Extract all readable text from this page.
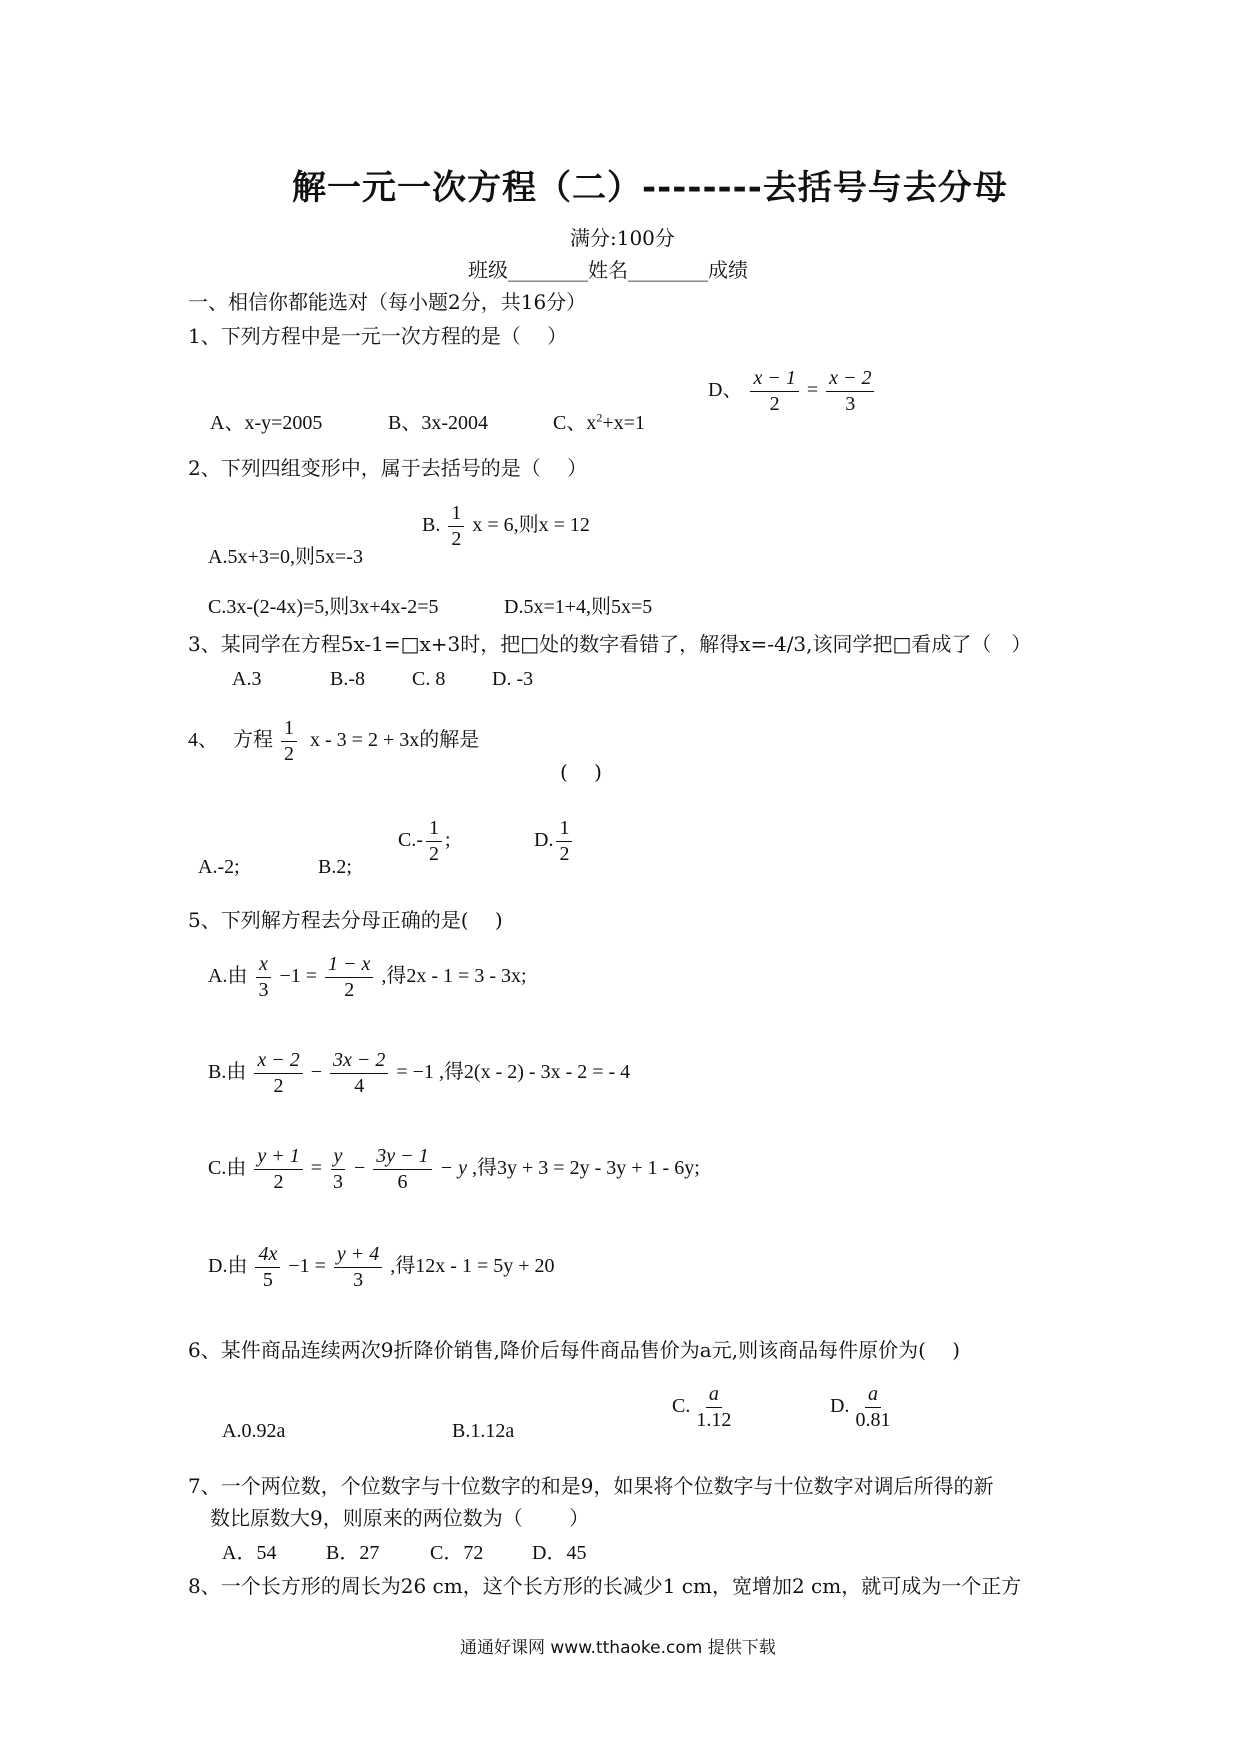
解一元一次方程（二）--------去括号与去分母
满分:100分
班级________姓名________成绩
一、相信你都能选对（每小题2分，共16分）
1、下列方程中是一元一次方程的是（　 ）
A、x-y=2005	B、3x-2004	C、$x^2+x=1$
D、 $\frac{x - 1}{2} = \frac{x - 2}{3}$
2、下列四组变形中，属于去括号的是（　 ）
A.5x+3=0,则5x=-3
B. $\frac{1}{2}$ x = 6,则x = 12
C.3x-(2-4x)=5,则3x+4x-2=5	D.5x=1+4,则5x=5
3、某同学在方程5x-1=□x+3时，把□处的数字看错了，解得x=-4/3,该同学把□看成了（　）
A.3	B.-8 C. 8 D. -3
4、 方程 $\frac{1}{2}$ x - 3 = 2 + 3x的解是
(　 )
A.-2;	B.2;
$C.- \frac{1}{2}$ ;	D. $\frac{1}{2}$
5、下列解方程去分母正确的是(　 )
A.由 $\frac{x}{3} -1 = \frac{1 - x}{2}$ ,得2x - 1 = 3 - 3x;
B.由 $\frac{x - 2}{2} - \frac{3x - 2}{4} = -1$ ,得2(x - 2) - 3x - 2 = - 4
C.由 $\frac{y + 1}{2} = \frac{y}{3} - \frac{3y - 1}{6} - y$ ,得3y + 3 = 2y - 3y + 1 - 6y;
D.由 $\frac{4x}{5} -1 = \frac{y + 4}{3}$ ,得12x - 1 = 5y + 20
6、某件商品连续两次9折降价销售,降价后每件商品售价为a元,则该商品每件原价为(　 )
A.0.92a	B.1.12a
C. $\frac{a}{1.12}$	D. $\frac{a}{0.81}$
7、一个两位数，个位数字与十位数字的和是9，如果将个位数字与十位数字对调后所得的新
数比原数大9，则原来的两位数为（　　 ）
A．54 B．27	C．72 D．45
8、一个长方形的周长为26 cm，这个长方形的长减少1 cm，宽增加2 cm，就可成为一个正方
通通好课网 www.tthaoke.com 提供下载
